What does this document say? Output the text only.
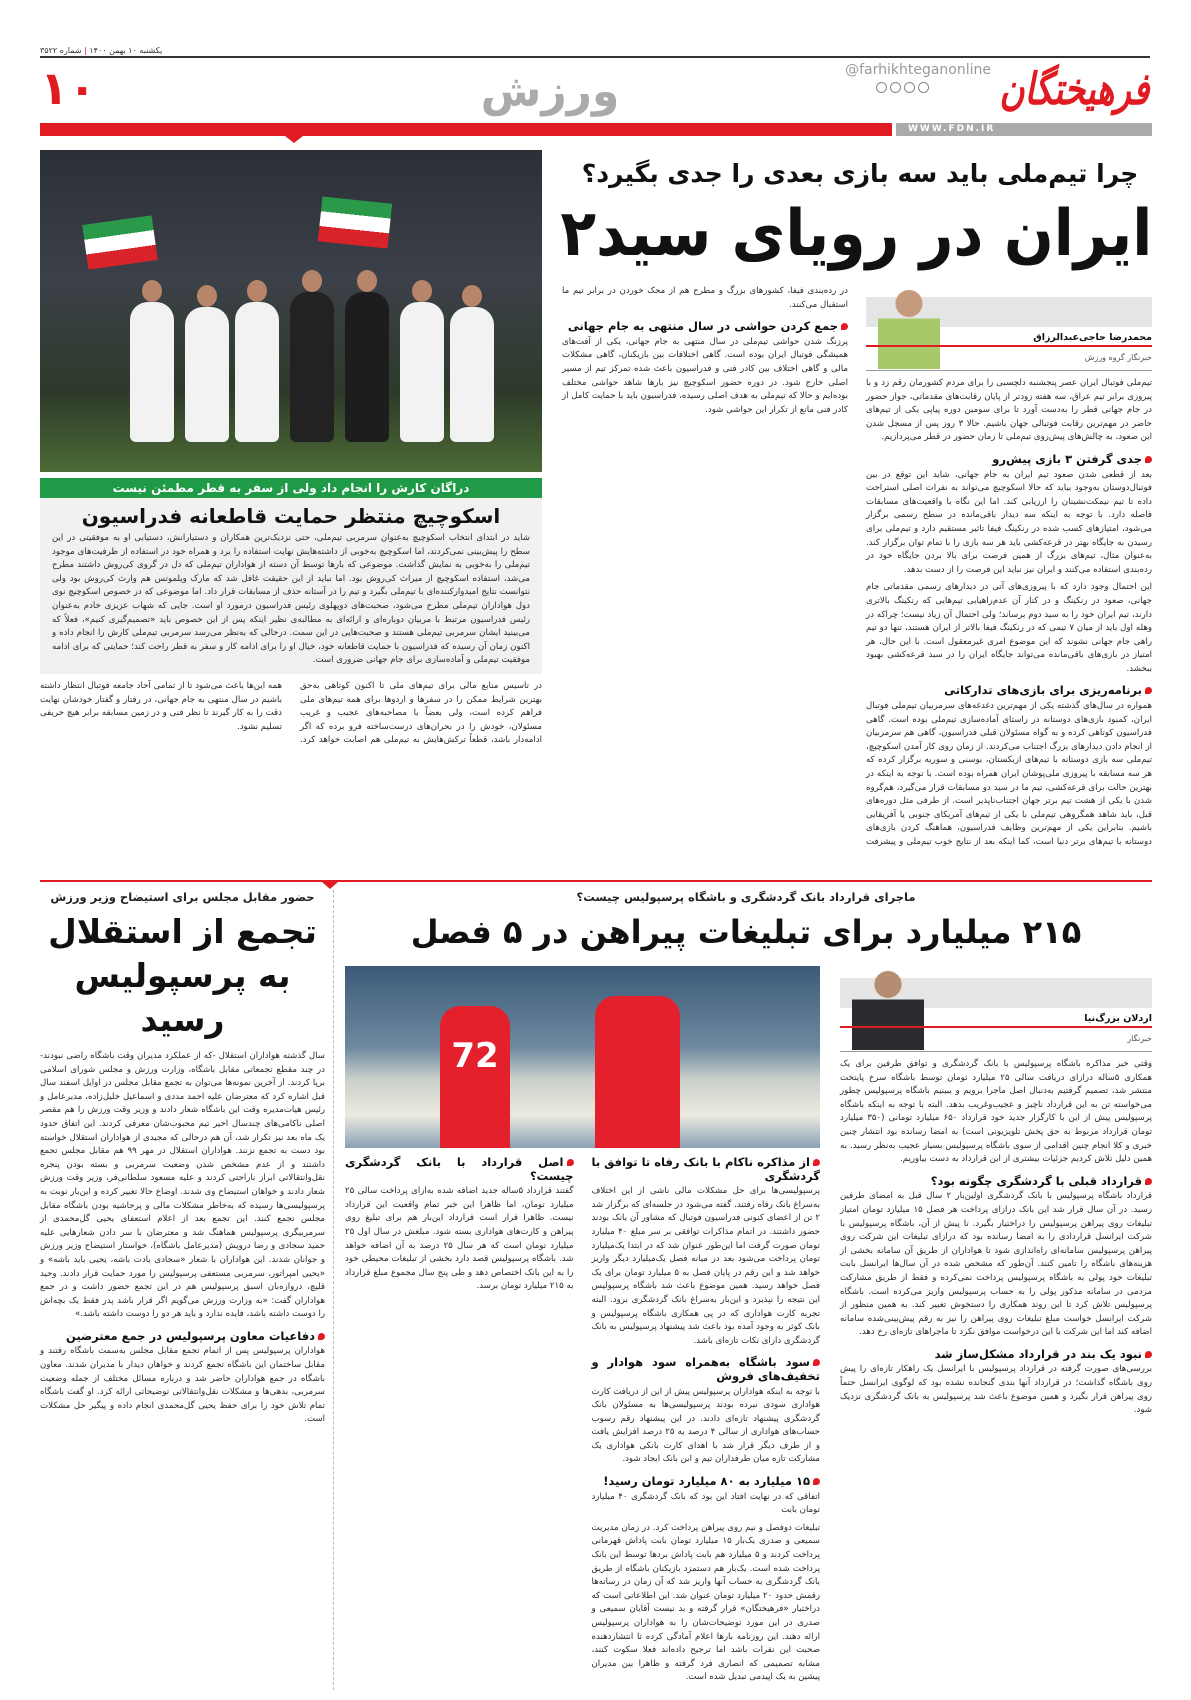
یکشنبه ۱۰ بهمن ۱۴۰۰ | شماره ۳۵۲۲
فرهیختگان
@farhikhteganonline
ورزش
۱۰
WWW.FDN.IR
دراگان کارش را انجام داد ولی از سفر به قطر مطمئن نیست
اسکوچیچ منتظر حمایت قاطعانه فدراسیون
شاید در ابتدای انتخاب اسکوچیچ به‌عنوان سرمربی تیم‌ملی، حتی نزدیک‌ترین همکاران و دستیارانش، دستیابی او به موفقیتی در این سطح را پیش‌بینی نمی‌کردند، اما اسکوچیچ به‌خوبی از داشته‌هایش نهایت استفاده را برد و همراه خود در استفاده از ظرفیت‌های موجود تیم‌ملی را به‌خوبی به نمایش گذاشت. موضوعی که بارها توسط آن دسته از هواداران تیم‌ملی که دل در گروی کی‌روش داشتند مطرح می‌شد، استفاده اسکوچیچ از میراث کی‌روش بود. اما نباید از این حقیقت غافل شد که مارک ویلموتس هم وارث کی‌روش بود ولی نتوانست نتایج امیدوارکننده‌ای با تیم‌ملی بگیرد و تیم را در آستانه حذف از مسابقات قرار داد. اما موضوعی که در خصوص اسکوچیچ نوی دول هواداران تیم‌ملی مطرح می‌شود، صحبت‌های دوپهلوی رئیس فدراسیون درمورد او است. جایی که شهاب عزیزی خادم به‌عنوان رئیس فدراسیون مرتبط با مربیان دوباره‌ای و ارائه‌ای به مطالبه‌ی نظیر اینکه پس از این خصوص باید «تصمیم‌گیری کنیم»، فعلاً که می‌بینید ایشان سرمربی تیم‌ملی هستند و صحبت‌هایی در این سمت. درحالی که به‌نظر می‌رسد سرمربی تیم‌ملی کارش را انجام داده و اکنون زمان آن رسیده که فدراسیون با حمایت قاطعانه خود، خیال او را برای ادامه کار و سفر به قطر راحت کند؛ حمایتی که برای ادامه موفقیت تیم‌ملی و آماده‌سازی برای جام جهانی ضروری است.

در تاسیس منابع مالی برای تیم‌های ملی تا اکنون کوتاهی به‌حق بهترین شرایط ممکن را در سفرها و اردوها برای همه تیم‌های ملی فراهم کرده است، ولی بعضاً با مصاحبه‌های عجیب و غریب مسئولان، خودش را در بحران‌های درست‌ساخته فرو برده که اگر ادامه‌دار باشد، قطعاً ترکش‌هایش به تیم‌ملی هم اصابت خواهد کرد. همه این‌ها باعث می‌شود تا از تمامی آحاد جامعه فوتبال انتظار داشته باشیم در سال منتهی به جام جهانی، در رفتار و گفتار خودشان نهایت دقت را به کار گیرند تا نظر فنی و در زمین مسابقه برابر هیچ حریفی تسلیم نشود.

چرا تیم‌ملی باید سه بازی بعدی را جدی بگیرد؟
ایران در رویای سید۲
محمدرضا حاجی‌عبدالرزاق
خبرنگار گروه ورزش

تیم‌ملی فوتبال ایران عصر پنجشنبه دلچسبی را برای مردم کشورمان رقم زد و با پیروزی برابر تیم عراق، سه هفته زودتر از پایان رقابت‌های مقدماتی، جواز حضور در جام جهانی قطر را به‌دست آورد تا برای سومین دوره پیاپی یکی از تیم‌های حاضر در مهم‌ترین رقابت فوتبالی جهان باشیم. حالا ۳ روز پس از مسجل شدن این صعود، به چالش‌های پیش‌روی تیم‌ملی تا زمان حضور در قطر می‌پردازیم.

جدی گرفتن ۳ بازی پیش‌رو

بعد از قطعی شدن صعود تیم ایران به جام جهانی، شاید این توقع در بین فوتبال‌دوستان به‌وجود بیاید که حالا اسکوچیچ می‌تواند به نفرات اصلی استراحت داده تا تیم نیمکت‌نشینان را ارزیابی کند. اما این نگاه با واقعیت‌های مسابقات فاصله دارد. با توجه به اینکه سه دیدار باقی‌مانده در سطح رسمی برگزار می‌شود، امتیازهای کسب شده در رنکینگ فیفا تاثیر مستقیم دارد و تیم‌ملی برای رسیدن به جایگاه بهتر در قرعه‌کشی باید هر سه بازی را با تمام توان برگزار کند. به‌عنوان مثال، تیم‌های بزرگ از همین فرصت برای بالا بردن جایگاه خود در رده‌بندی استفاده می‌کنند و ایران نیز نباید این فرصت را از دست بدهد.

این احتمال وجود دارد که با پیروزی‌های آتی در دیدارهای رسمی مقدماتی جام جهانی، صعود در رنکینگ و در کنار آن عدم‌راهیابی تیم‌هایی که رنکینگ بالاتری دارند، تیم ایران خود را به سید دوم برساند؛ ولی احتمال آن زیاد نیست؛ چراکه در وهله اول باید از میان ۷ تیمی که در رنکینگ فیفا بالاتر از ایران هستند، تنها دو تیم راهی جام جهانی نشوند که این موضوع امری غیرمعقول است. با این حال، هر امتیاز در بازی‌های باقی‌مانده می‌تواند جایگاه ایران را در سبد قرعه‌کشی بهبود ببخشد.

برنامه‌ریزی برای بازی‌های تدارکاتی

همواره در سال‌های گذشته یکی از مهم‌ترین دغدغه‌های سرمربیان تیم‌ملی فوتبال ایران، کمبود بازی‌های دوستانه در راستای آماده‌سازی تیم‌ملی بوده است. گاهی فدراسیون کوتاهی کرده و به گواه مسئولان قبلی فدراسیون، گاهی هم سرمربیان از انجام دادن دیدارهای بزرگ اجتناب می‌کردند. از زمان روی کار آمدن اسکوچیچ، تیم‌ملی سه بازی دوستانه با تیم‌های ازبکستان، بوسنی و سوریه برگزار کرده که هر سه مسابقه با پیروزی ملی‌پوشان ایران همراه بوده است. با توجه به اینکه در بهترین حالت برای قرعه‌کشی، تیم ما در سید دو مسابقات قرار می‌گیرد، هم‌گروه شدن با یکی از هشت تیم برتر جهان اجتناب‌ناپذیر است. از طرفی مثل دوره‌های قبل، باید شاهد همگروهی تیم‌ملی با یکی از تیم‌های آمریکای جنوبی یا آفریقایی باشیم. بنابراین یکی از مهم‌ترین وظایف فدراسیون، هماهنگ کردن بازی‌های دوستانه با تیم‌های برتر دنیا است، کما اینکه بعد از نتایج خوب تیم‌ملی و پیشرفت در رده‌بندی فیفا، کشورهای بزرگ و مطرح هم از محک خوردن در برابر تیم ما استقبال می‌کنند.

جمع کردن حواشی در سال منتهی به جام جهانی

پرزنگ شدن حواشی تیم‌ملی در سال منتهی به جام جهانی، یکی از آفت‌های همیشگی فوتبال ایران بوده است. گاهی اختلافات بین بازیکنان، گاهی مشکلات مالی و گاهی اختلاف بین کادر فنی و فدراسیون باعث شده تمرکز تیم از مسیر اصلی خارج شود. در دوره حضور اسکوچیچ نیز بارها شاهد حواشی مختلف بوده‌ایم و حالا که تیم‌ملی به هدف اصلی رسیده، فدراسیون باید با حمایت کامل از کادر فنی مانع از تکرار این حواشی شود.

حضور مقابل مجلس برای استیضاح وزیر ورزش
تجمع از استقلال به پرسپولیس رسید

سال گذشته هواداران استقلال -که از عملکرد مدیران وقت باشگاه راضی نبودند- در چند مقطع تجمعاتی مقابل باشگاه، وزارت ورزش و مجلس شورای اسلامی برپا کردند. از آخرین نمونه‌ها می‌توان به تجمع مقابل مجلس در اوایل اسفند سال قبل اشاره کرد که معترضان علیه احمد مددی و اسماعیل خلیل‌زاده، مدیرعامل و رئیس هیات‌مدیره وقت این باشگاه شعار دادند و وزیر وقت ورزش را هم مقصر اصلی ناکامی‌های چندسال اخیر تیم محبوب‌شان معرفی کردند. این اتفاق حدود یک ماه بعد نیز تکرار شد، آن هم درحالی که مجیدی از هواداران استقلال خواسته بود دست به تجمع نزنند. هواداران استقلال در مهر ۹۹ هم مقابل مجلس تجمع داشتند و از عدم مشخص شدن وضعیت سرمربی و بسته بودن پنجره نقل‌وانتقالاتی ابراز ناراحتی کردند و علیه مسعود سلطانی‌فر، وزیر وقت ورزش شعار دادند و خواهان استیضاح وی شدند. اوضاع حالا تغییر کرده و این‌بار نوبت به پرسپولیسی‌ها رسیده که به‌خاطر مشکلات مالی و پرحاشیه بودن باشگاه مقابل مجلس تجمع کنند. این تجمع بعد از اعلام استعفای یحیی گل‌محمدی از سرمربیگری پرسپولیس هماهنگ شد و معترضان با سر دادن شعارهایی علیه حمید سجادی و رضا درویش (مدیرعامل باشگاه)، خواستار استیضاح وزیر ورزش و جوانان شدند. این هواداران با شعار «سجادی یادت باشه، یحیی باید باشه» و «یحیی امپراتور، سرمربی مستعفی پرسپولیس را مورد حمایت قرار دادند. وحید قلیچ، دروازه‌بان اسبق پرسپولیس هم در این تجمع حضور داشت و در جمع هواداران گفت: «به وزارت ورزش می‌گویم اگر قرار باشد پدر فقط یک بچه‌اش را دوست داشته باشد، فایده ندارد و باید هر دو را دوست داشته باشد.»

دفاعیات معاون پرسپولیس در جمع معترضین

هواداران پرسپولیس پس از اتمام تجمع مقابل مجلس به‌سمت باشگاه رفتند و مقابل ساختمان این باشگاه تجمع کردند و خواهان دیدار با مدیران شدند. معاون باشگاه در جمع هواداران حاضر شد و درباره مسائل مختلف از جمله وضعیت سرمربی، بدهی‌ها و مشکلات نقل‌وانتقالاتی توضیحاتی ارائه کرد. او گفت باشگاه تمام تلاش خود را برای حفظ یحیی گل‌محمدی انجام داده و پیگیر حل مشکلات است.

ماجرای قرارداد بانک گردشگری و باشگاه پرسپولیس چیست؟
۲۱۵ میلیارد برای تبلیغات پیراهن در ۵ فصل
72
اردلان بزرگ‌نیا
خبرنگار

وقتی خبر مذاکره باشگاه پرسپولیس با بانک گردشگری و توافق طرفین برای یک همکاری ۵ساله درازای دریافت سالی ۲۵ میلیارد تومان توسط باشگاه سرخ پایتخت منتشر شد، تصمیم گرفتیم به‌دنبال اصل ماجرا برویم و ببینیم باشگاه پرسپولیس چطور می‌خواسته تن به این قرارداد ناچیز و عجیب‌وغریب بدهد. البته با توجه به اینکه باشگاه پرسپولیس پیش از این با کارگزار جدید خود قرارداد ۶۵۰ میلیارد تومانی (۳۵۰ میلیارد تومان قرارداد مربوط به حق پخش تلویزیونی است) به امضا رسانده بود انتشار چنین خبری و کلا انجام چنین اقدامی از سوی باشگاه پرسپولیس بسیار عجیب به‌نظر رسید. به همین دلیل تلاش کردیم جزئیات بیشتری از این قرارداد به دست بیاوریم.

قرارداد قبلی با گردشگری چگونه بود؟

قرارداد باشگاه پرسپولیس با بانک گردشگری اولین‌بار ۲ سال قبل به امضای طرفین رسید. در آن سال قرار شد این بانک درازای پرداخت هر فصل ۱۵ میلیارد تومان امتیاز تبلیغات روی پیراهن پرسپولیس را دراختیار بگیرد. تا پیش از آن، باشگاه پرسپولیس با شرکت ایرانسل قراردادی را به امضا رسانده بود که درازای تبلیغات این شرکت روی پیراهن پرسپولیس سامانه‌ای راه‌اندازی شود تا هواداران از طریق آن سامانه بخشی از هزینه‌های باشگاه را تامین کنند. آن‌طور که مشخص شده در آن سال‌ها ایرانسل بابت تبلیغات خود پولی به باشگاه پرسپولیس پرداخت نمی‌کرده و فقط از طریق مشارکت مردمی در سامانه مذکور پولی را به حساب پرسپولیس واریز می‌کرده است. باشگاه پرسپولیس تلاش کرد تا این روند همکاری را دستخوش تغییر کند. به همین منظور از شرکت ایرانسل خواست مبلغ تبلیغات روی پیراهن را نیز به رقم پیش‌بینی‌شده سامانه اضافه کند اما این شرکت با این درخواست موافق نکرد تا ماجراهای تازه‌ای رخ دهد.

نبود یک بند در قرارداد مشکل‌ساز شد

بررسی‌های صورت گرفته در قرارداد پرسپولیس با ایرانسل یک راهکار تازه‌ای را پیش روی باشگاه گذاشت؛ در قرارداد آنها بندی گنجانده نشده بود که لوگوی ایرانسل حتماً روی پیراهن قرار بگیرد و همین موضوع باعث شد پرسپولیس به بانک گردشگری نزدیک شود.

از مذاکره ناکام با بانک رفاه تا توافق با گردشگری

پرسپولیسی‌ها برای حل مشکلات مالی ناشی از این اختلاف به‌سراغ بانک رفاه رفتند. گفته می‌شود در جلسه‌ای که برگزار شد ۲ تن از اعضای کنونی فدراسیون فوتبال که مشاور آن بانک بودند حضور داشتند. در اتمام مذاکرات توافقی بر سر مبلغ ۴۰ میلیارد تومان صورت گرفت اما این‌طور عنوان شد که در ابتدا یک‌میلیارد تومان پرداخت می‌شود بعد در میانه فصل یک‌میلیارد دیگر واریز خواهد شد و این رقم در پایان فصل به ۵ میلیارد تومان برای یک فصل خواهد رسید. همین موضوع باعث شد باشگاه پرسپولیس این نتیجه را نپذیرد و این‌بار به‌سراغ بانک گردشگری برود. البته تجربه کارت هواداری که در پی همکاری باشگاه پرسپولیس و بانک کوثر به وجود آمده بود باعث شد پیشنهاد پرسپولیس به بانک گردشگری دارای نکات تازه‌ای باشد.

سود باشگاه به‌همراه سود هوادار و تخفیف‌های فروش

با توجه به اینکه هواداران پرسپولیس پیش از این از دریافت کارت هواداری سودی نبرده بودند پرسپولیسی‌ها به مسئولان بانک گردشگری پیشنهاد تازه‌ای دادند. در این پیشنهاد رقم رسوب حساب‌های هواداری از سالی ۴ درصد به ۲۵ درصد افزایش یافت و از طرف دیگر قرار شد با اهدای کارت بانکی هواداری یک مشارکت تازه میان طرفداران تیم و این بانک ایجاد شود.

۱۵ میلیارد به ۸۰ میلیارد تومان رسید!

اتفاقی که در نهایت افتاد این بود که بانک گردشگری ۴۰ میلیارد تومان بابت

تبلیغات دوفصل و نیم روی پیراهن پرداخت کرد. در زمان مدیریت سمیعی و صدری یک‌بار ۱۵ میلیارد تومان بابت پاداش قهرمانی پرداخت کردند و ۵ میلیارد هم بابت پاداش بردها توسط این بانک پرداخت شده است. یک‌بار هم دستمزد بازیکنان باشگاه از طریق بانک گردشگری به حساب آنها واریز شد که آن زمان در رسانه‌ها رقمش حدود ۲۰ میلیارد تومان عنوان شد. این اطلاعاتی است که دراختیار «فرهیختگان» قرار گرفته و بد نیست آقایان سمیعی و صدری در این مورد توضیحات‌شان را به هواداران پرسپولیس ارائه دهند. این روزنامه بارها اعلام آمادگی کرده تا انتشاردهنده صحبت این نفرات باشد اما ترجیح داده‌اند فعلا سکوت کنند، مشابه تصمیمی که انصاری فرد گرفته و ظاهرا بین مدیران پیشین به یک اپیدمی تبدیل شده است.

اصل قرارداد با بانک گردشگری چیست؟

گفتند قرارداد ۵ساله جدید اضافه شده به‌ازای پرداخت سالی ۲۵ میلیارد تومان، اما ظاهرا این خبر تمام واقعیت این قرارداد نیست. ظاهرا قرار است قرارداد این‌بار هم برای تبلیغ روی پیراهن و کارت‌های هواداری بسته شود. مبلغش در سال اول ۲۵ میلیارد تومان است که هر سال ۲۵ درصد به آن اضافه خواهد شد. باشگاه پرسپولیس قصد دارد بخشی از تبلیغات محیطی خود را به این بانک اختصاص دهد و طی پنج سال مجموع مبلغ قرارداد به ۲۱۵ میلیارد تومان برسد.
